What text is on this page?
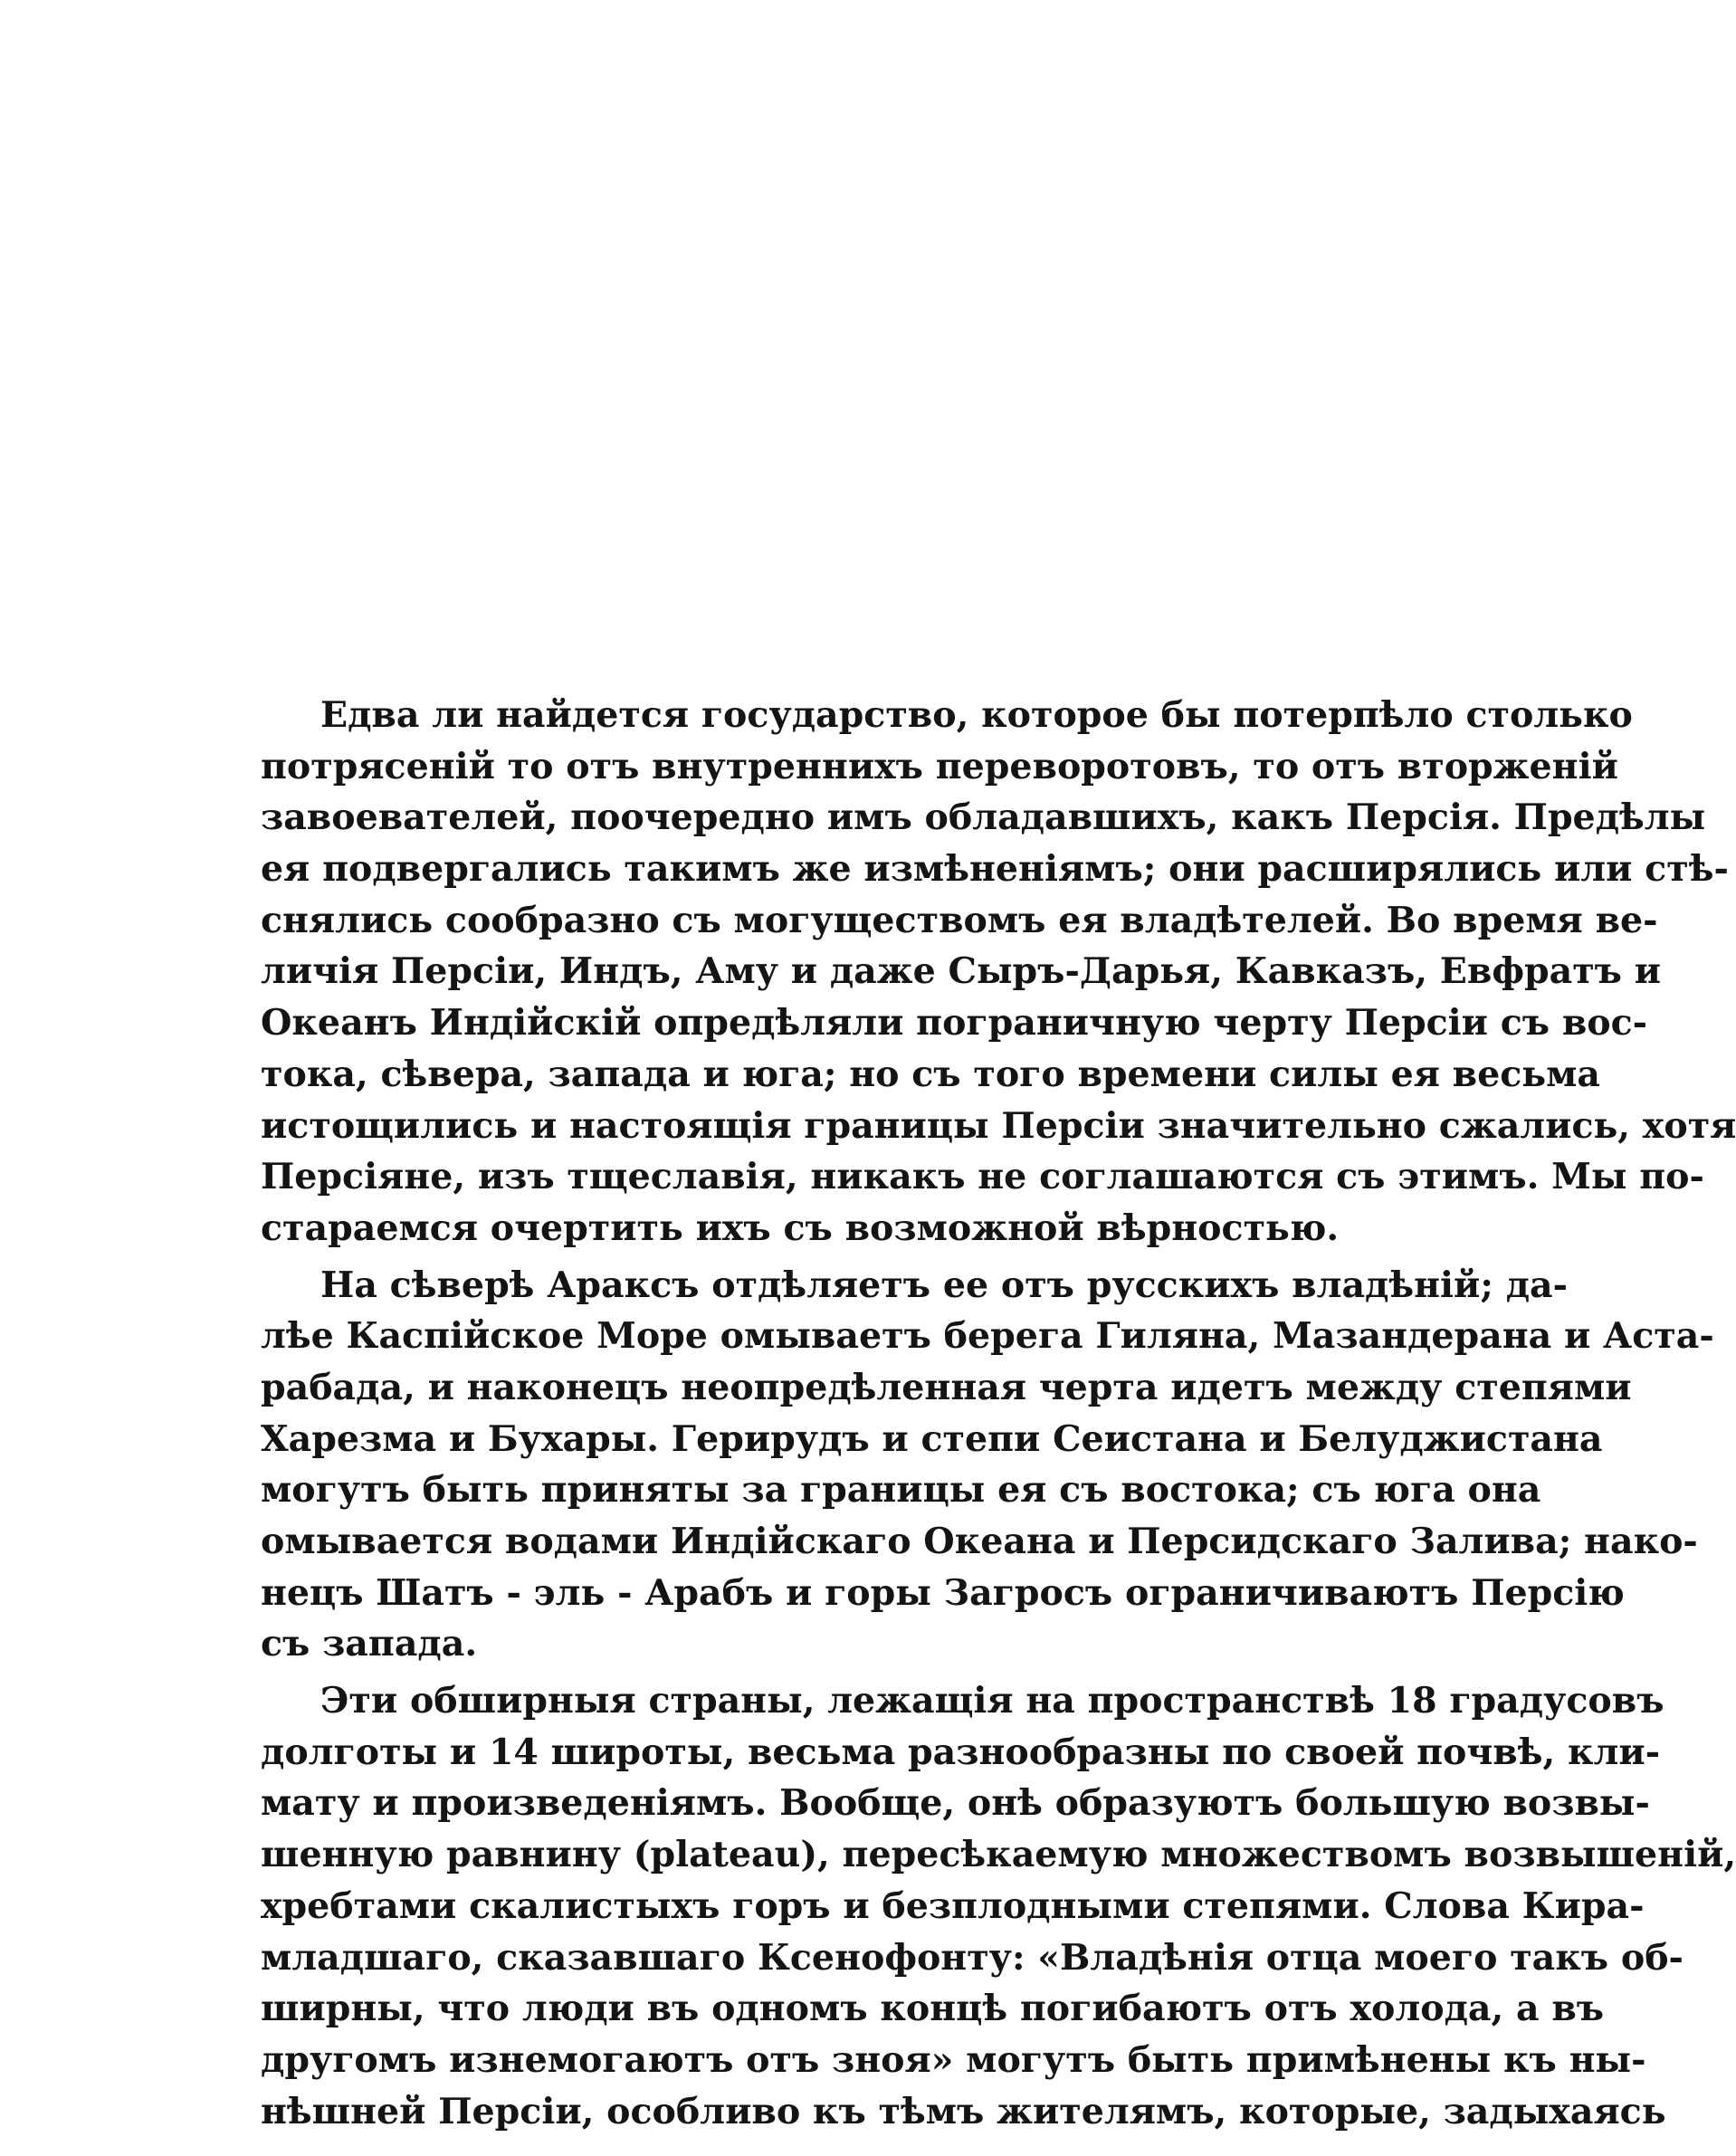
Едва ли найдется государство, которое бы потерпѣло столько
потрясенiй то отъ внутреннихъ переворотовъ, то отъ вторженiй
завоевателей, поочередно имъ обладавшихъ, какъ Персiя. Предѣлы
ея подвергались такимъ же измѣненiямъ; они расширялись или стѣ-
снялись сообразно съ могуществомъ ея владѣтелей. Во время ве-
личiя Персiи, Индъ, Аму и даже Сыръ-Дарья, Кавказъ, Евфратъ и
Океанъ Индiйскiй опредѣляли пограничную черту Персiи съ вос-
тока, сѣвера, запада и юга; но съ того времени силы ея весьма
истощились и настоящiя границы Персiи значительно сжались, хотя
Персiяне, изъ тщеславiя, никакъ не соглашаются съ этимъ. Мы по-
стараемся очертить ихъ съ возможной вѣрностью.
На сѣверѣ Араксъ отдѣляетъ ее отъ русскихъ владѣнiй; да-
лѣе Каспiйское Море омываетъ берега Гиляна, Мазандерана и Аста-
рабада, и наконецъ неопредѣленная черта идетъ между степями
Харезма и Бухары. Герирудъ и степи Сеистана и Белуджистана
могутъ быть приняты за границы ея съ востока; съ юга она
омывается водами Индiйскаго Океана и Персидскаго Залива; нако-
нецъ Шатъ - эль - Арабъ и горы Загросъ ограничиваютъ Персiю
съ запада.
Эти обширныя страны, лежащiя на пространствѣ 18 градусовъ
долготы и 14 широты, весьма разнообразны по своей почвѣ, кли-
мату и произведенiямъ. Вообще, онѣ образуютъ большую возвы-
шенную равнину (plateau), пересѣкаемую множествомъ возвышенiй,
хребтами скалистыхъ горъ и безплодными степями. Слова Кира-
младшаго, сказавшаго Ксенофонту: «Владѣнiя отца моего такъ об-
ширны, что люди въ одномъ концѣ погибаютъ отъ холода, а въ
другомъ изнемогаютъ отъ зноя» могутъ быть примѣнены къ ны-
нѣшней Персiи, особливо къ тѣмъ жителямъ, которые, задыхаясь
